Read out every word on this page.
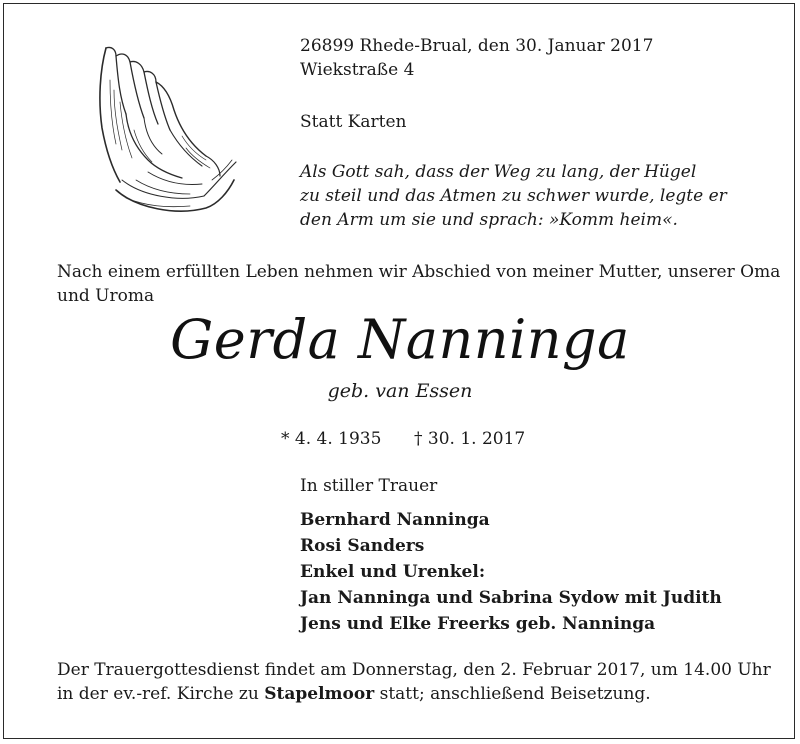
26899 Rhede-Brual, den 30. Januar 2017
Wiekstraße 4
Statt Karten
Als Gott sah, dass der Weg zu lang, der Hügel
zu steil und das Atmen zu schwer wurde, legte er
den Arm um sie und sprach: »Komm heim«.
Nach einem erfüllten Leben nehmen wir Abschied von meiner Mutter, unserer Oma
und Uroma
Gerda Nanninga
geb. van Essen
* 4. 4. 1935 † 30. 1. 2017
In stiller Trauer
Bernhard Nanninga
Rosi Sanders
Enkel und Urenkel:
Jan Nanninga und Sabrina Sydow mit Judith
Jens und Elke Freerks geb. Nanninga
Der Trauergottesdienst findet am Donnerstag, den 2. Februar 2017, um 14.00 Uhr
in der ev.-ref. Kirche zu Stapelmoor statt; anschließend Beisetzung.
